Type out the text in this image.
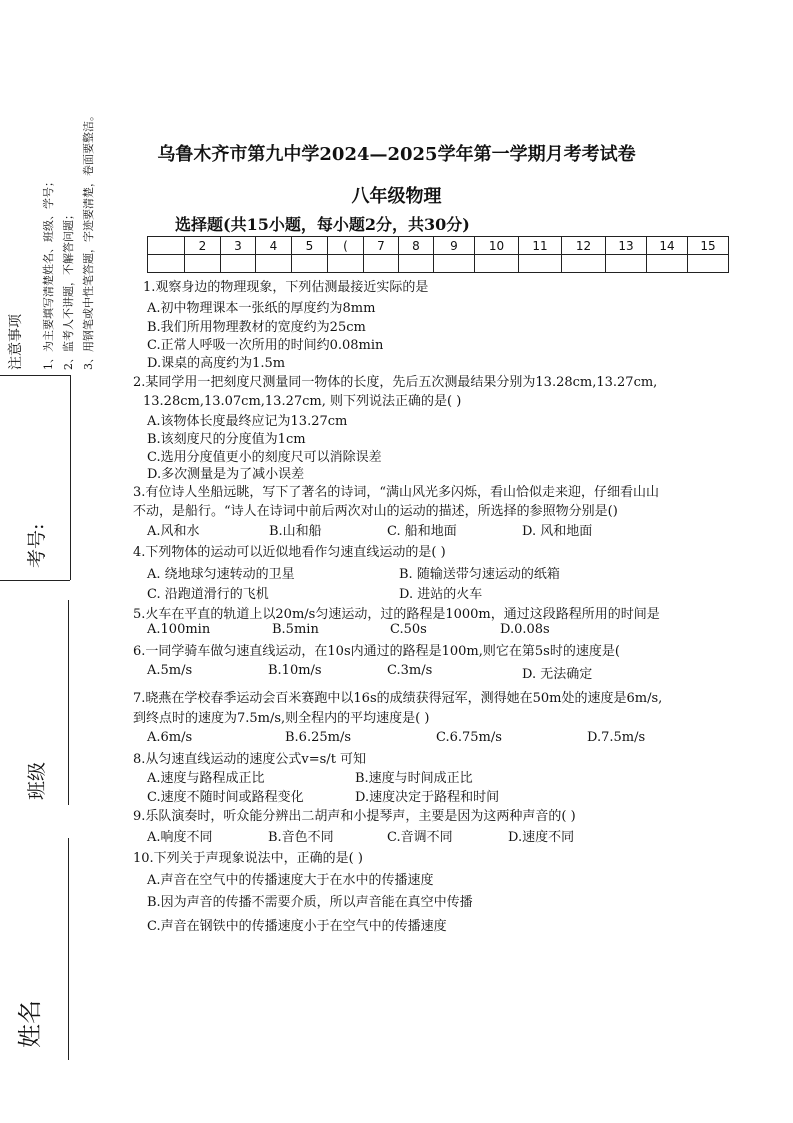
注意事项 1、为主要填写清楚姓名、班级、学号； 2、监考人不讲题，不解答问题； 3、用钢笔或中性笔答题，字迹要清楚，卷面要整洁。
考号:
班级
姓名
乌鲁木齐市第九中学2024—2025学年第一学期月考考试卷
八年级物理
选择题(共15小题，每小题2分，共30分)
	2	3	4	5	(	7	8	9	10	11	12	13	14	15

1.观察身边的物理现象，下列估测最接近实际的是
A.初中物理课本一张纸的厚度约为8mm
B.我们所用物理教材的宽度约为25cm
C.正常人呼吸一次所用的时间约0.08min
D.课桌的高度约为1.5m
2.某同学用一把刻度尺测量同一物体的长度，先后五次测最结果分别为13.28cm,13.27cm,
13.28cm,13.07cm,13.27cm, 则下列说法正确的是( )
A.该物体长度最终应记为13.27cm
B.该刻度尺的分度值为1cm
C.选用分度值更小的刻度尺可以消除误差
D.多次测量是为了减小误差
3.有位诗人坐船远眺，写下了著名的诗词，“满山风光多闪烁，看山恰似走来迎，仔细看山山
不动，是船行。“诗人在诗词中前后两次对山的运动的描述，所选择的参照物分别是()
A.风和水	B.山和船	C. 船和地面	D. 风和地面
4.下列物体的运动可以近似地看作匀速直线运动的是( )
A. 绕地球匀速转动的卫星	B. 随输送带匀速运动的纸箱
C. 沿跑道滑行的飞机	D. 进站的火车
5.火车在平直的轨道上以20m/s匀速运动，过的路程是1000m，通过这段路程所用的时间是
A.100min	B.5min	C.50s	D.0.08s
6.一同学骑车做匀速直线运动，在10s内通过的路程是100m,则它在第5s时的速度是(
A.5m/s	B.10m/s	C.3m/s	D. 无法确定
7.晓燕在学校春季运动会百米赛跑中以16s的成绩获得冠军，测得她在50m处的速度是6m/s,
到终点时的速度为7.5m/s,则全程内的平均速度是( )
A.6m/s	B.6.25m/s	C.6.75m/s	D.7.5m/s
8.从匀速直线运动的速度公式v=s/t 可知
A.速度与路程成正比	B.速度与时间成正比
C.速度不随时间或路程变化	D.速度决定于路程和时间
9.乐队演奏时，听众能分辨出二胡声和小提琴声，主要是因为这两种声音的( )
A.响度不同	B.音色不同	C.音调不同	D.速度不同
10.下列关于声现象说法中，正确的是( )
A.声音在空气中的传播速度大于在水中的传播速度
B.因为声音的传播不需要介质，所以声音能在真空中传播
C.声音在钢铁中的传播速度小于在空气中的传播速度
